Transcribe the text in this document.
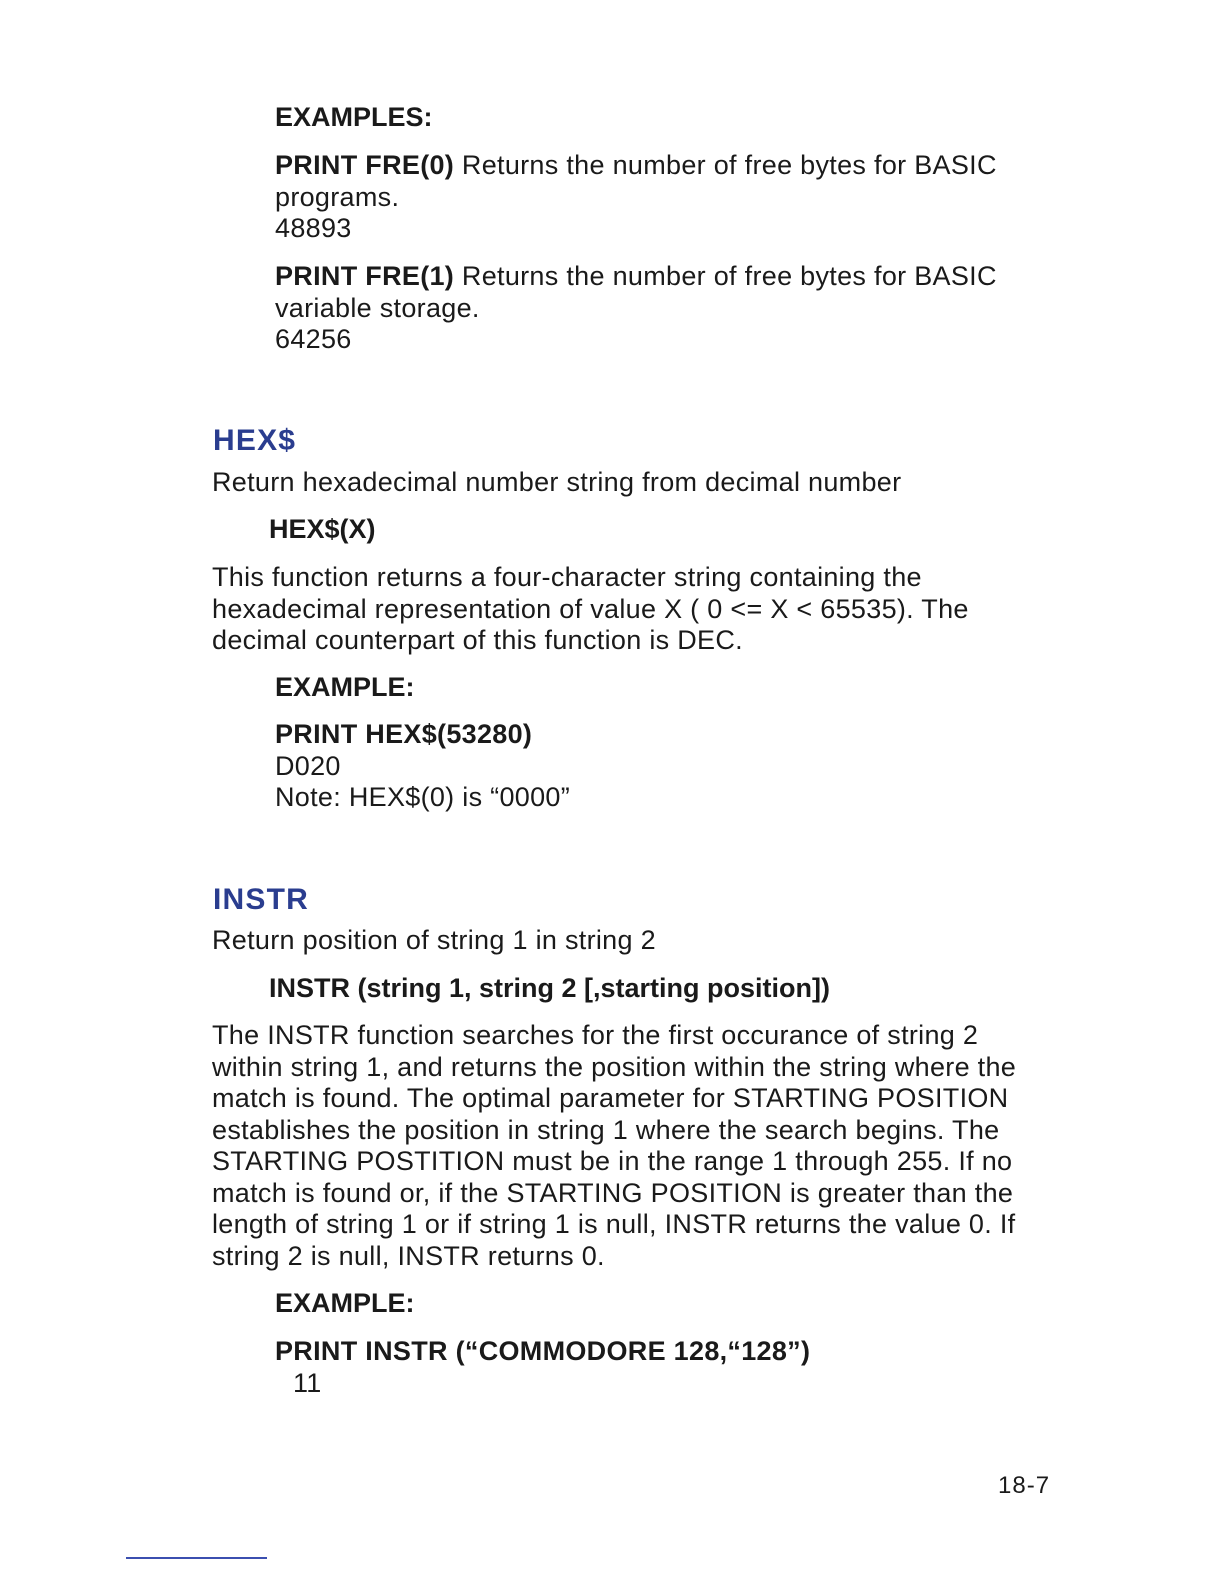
EXAMPLES:
PRINT FRE(0) Returns the number of free bytes for BASIC
programs.
48893
PRINT FRE(1) Returns the number of free bytes for BASIC
variable storage.
64256
HEX$
Return hexadecimal number string from decimal number
HEX$(X)
This function returns a four-character string containing the
hexadecimal representation of value X ( 0 <= X < 65535). The
decimal counterpart of this function is DEC.
EXAMPLE:
PRINT HEX$(53280)
D020
Note: HEX$(0) is “0000”
INSTR
Return position of string 1 in string 2
INSTR (string 1, string 2 [,starting position])
The INSTR function searches for the first occurance of string 2
within string 1, and returns the position within the string where the
match is found. The optimal parameter for STARTING POSITION
establishes the position in string 1 where the search begins. The
STARTING POSTITION must be in the range 1 through 255. If no
match is found or, if the STARTING POSITION is greater than the
length of string 1 or if string 1 is null, INSTR returns the value 0. If
string 2 is null, INSTR returns 0.
EXAMPLE:
PRINT INSTR (“COMMODORE 128,“128”)
11
18-7
